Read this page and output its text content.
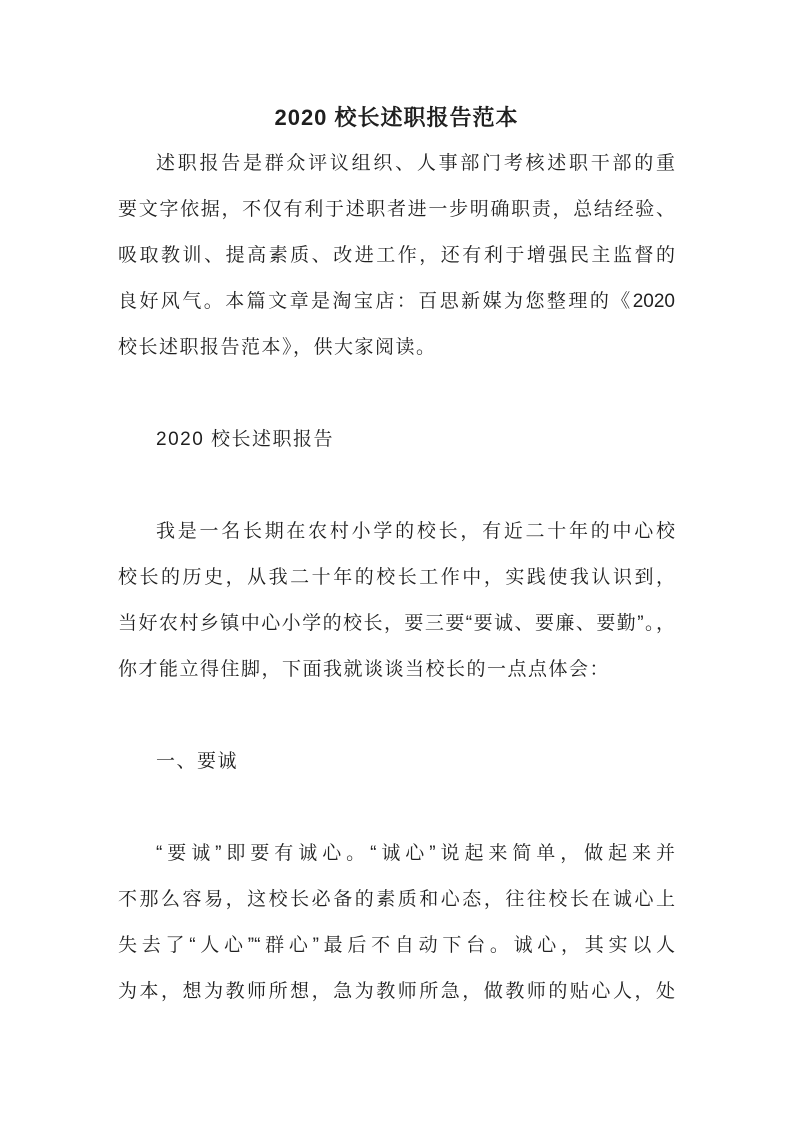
2020 校长述职报告范本
述职报告是群众评议组织、人事部门考核述职干部的重
要文字依据，不仅有利于述职者进一步明确职责，总结经验、
吸取教训、提高素质、改进工作，还有利于增强民主监督的
良好风气。本篇文章是淘宝店：百思新媒为您整理的《2020
校长述职报告范本》，供大家阅读。
2020 校长述职报告
我是一名长期在农村小学的校长，有近二十年的中心校
校长的历史，从我二十年的校长工作中，实践使我认识到，
当好农村乡镇中心小学的校长，要三要“要诚、要廉、要勤”。，
你才能立得住脚，下面我就谈谈当校长的一点点体会：
一、要诚
“要诚”即要有诚心。“诚心”说起来简单，做起来并
不那么容易，这校长必备的素质和心态，往往校长在诚心上
失去了“人心”“群心”最后不自动下台。诚心，其实以人
为本，想为教师所想，急为教师所急，做教师的贴心人，处
